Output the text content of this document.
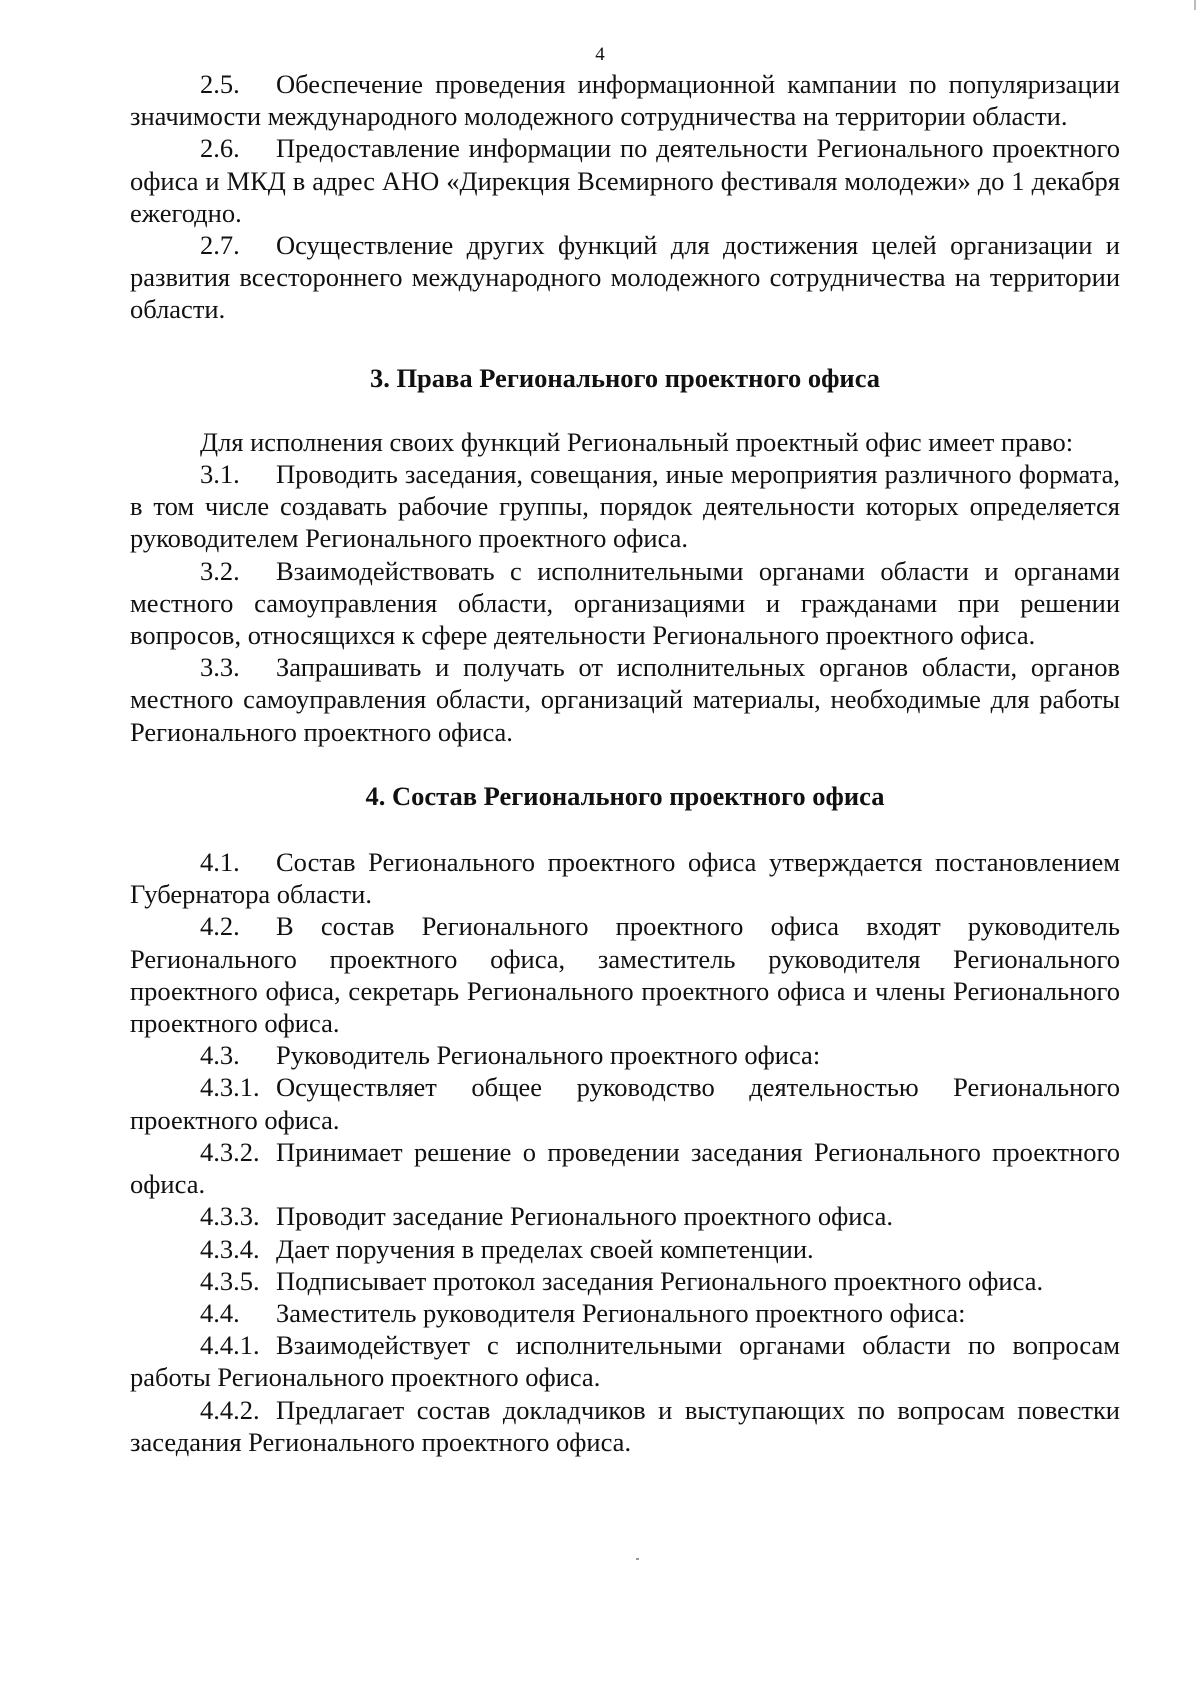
4

2.5. Обеспечение проведения информационной кампании по популяризации значимости международного молодежного сотрудничества на территории области.

2.6. Предоставление информации по деятельности Регионального проектного офиса и МКД в адрес АНО «Дирекция Всемирного фестиваля молодежи» до 1 декабря ежегодно.

2.7. Осуществление других функций для достижения целей организации и развития всестороннего международного молодежного сотрудничества на территории области.

3. Права Регионального проектного офиса

Для исполнения своих функций Региональный проектный офис имеет право:

3.1. Проводить заседания, совещания, иные мероприятия различного формата, в том числе создавать рабочие группы, порядок деятельности которых определяется руководителем Регионального проектного офиса.

3.2. Взаимодействовать с исполнительными органами области и органами местного самоуправления области, организациями и гражданами при решении вопросов, относящихся к сфере деятельности Регионального проектного офиса.

3.3. Запрашивать и получать от исполнительных органов области, органов местного самоуправления области, организаций материалы, необходимые для работы Регионального проектного офиса.

4. Состав Регионального проектного офиса

4.1. Состав Регионального проектного офиса утверждается постановлением Губернатора области.

4.2. В состав Регионального проектного офиса входят руководитель Регионального проектного офиса, заместитель руководителя Регионального проектного офиса, секретарь Регионального проектного офиса и члены Регионального проектного офиса.

4.3. Руководитель Регионального проектного офиса:

4.3.1. Осуществляет общее руководство деятельностью Регионального проектного офиса.

4.3.2. Принимает решение о проведении заседания Регионального проектного офиса.

4.3.3. Проводит заседание Регионального проектного офиса.

4.3.4. Дает поручения в пределах своей компетенции.

4.3.5. Подписывает протокол заседания Регионального проектного офиса.

4.4. Заместитель руководителя Регионального проектного офиса:

4.4.1. Взаимодействует с исполнительными органами области по вопросам работы Регионального проектного офиса.

4.4.2. Предлагает состав докладчиков и выступающих по вопросам повестки заседания Регионального проектного офиса.
